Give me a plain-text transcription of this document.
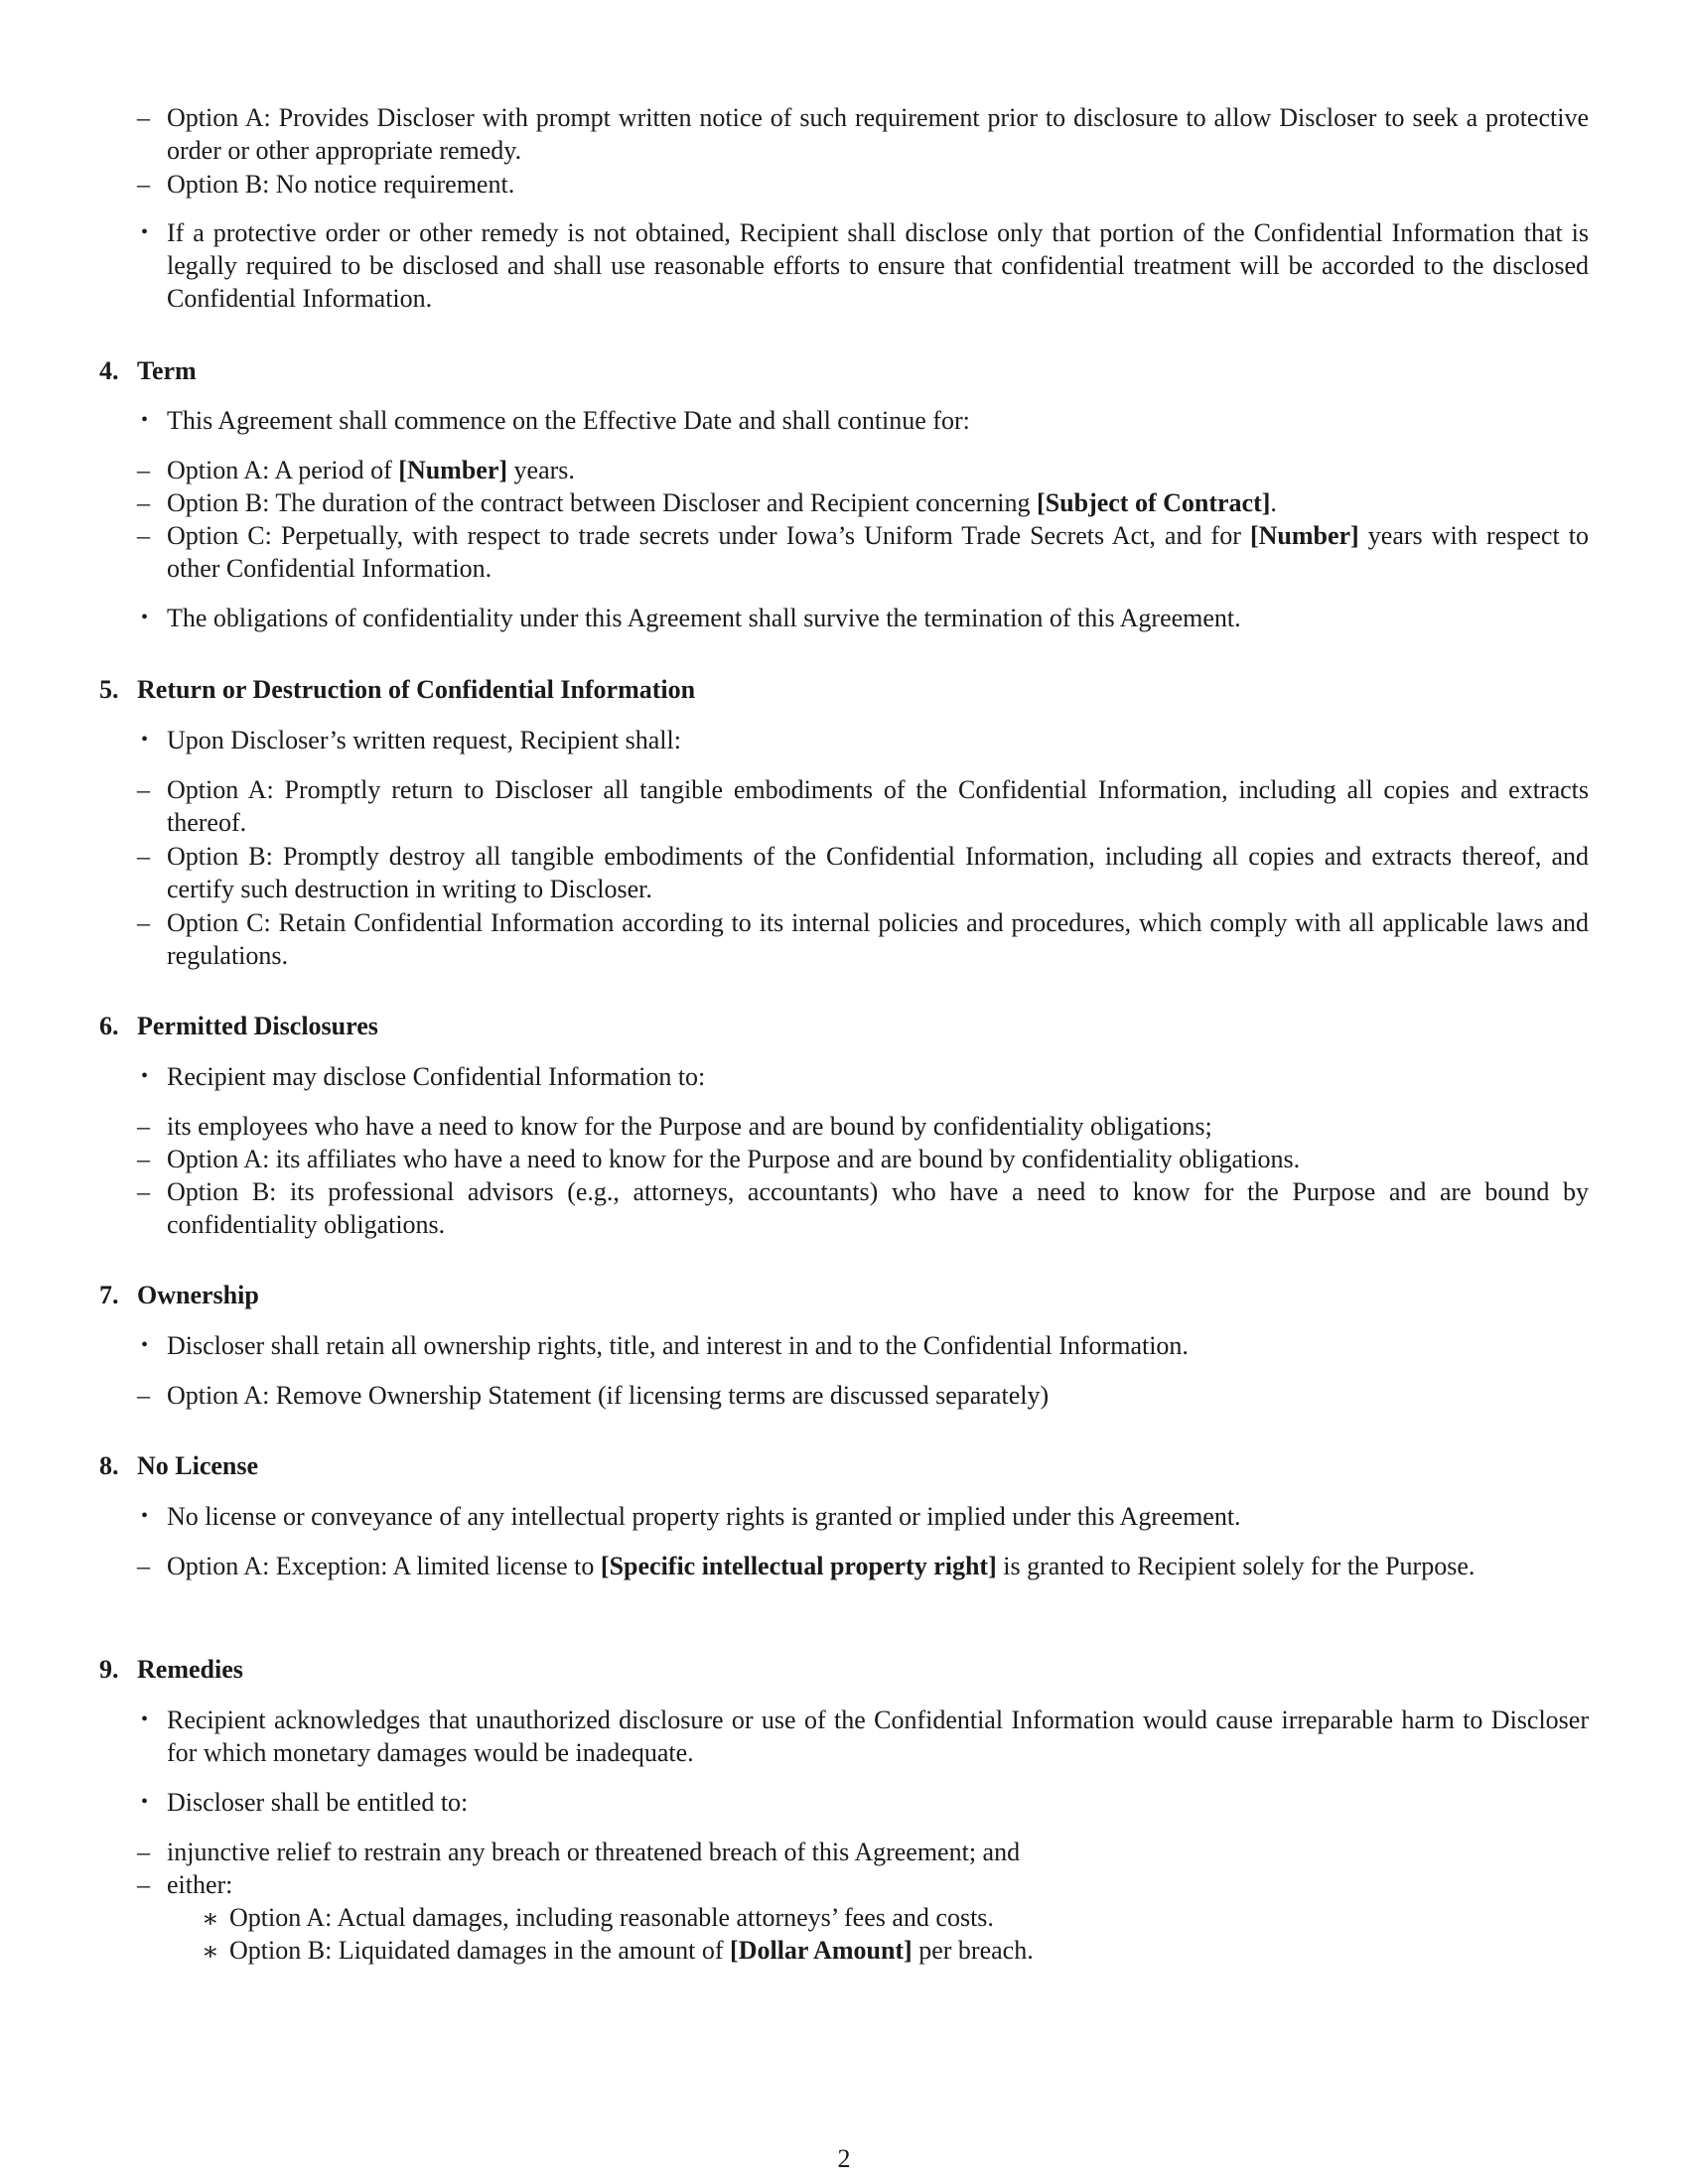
– Option A: Provides Discloser with prompt written notice of such requirement prior to disclosure to allow Discloser to seek a protective order or other appropriate remedy.
– Option B: No notice requirement.
• If a protective order or other remedy is not obtained, Recipient shall disclose only that portion of the Confidential Information that is legally required to be disclosed and shall use reasonable efforts to ensure that confidential treatment will be accorded to the disclosed Confidential Information.
4. Term
• This Agreement shall commence on the Effective Date and shall continue for:
– Option A: A period of [Number] years.
– Option B: The duration of the contract between Discloser and Recipient concerning [Subject of Contract].
– Option C: Perpetually, with respect to trade secrets under Iowa’s Uniform Trade Secrets Act, and for [Number] years with respect to other Confidential Information.
• The obligations of confidentiality under this Agreement shall survive the termination of this Agreement.
5. Return or Destruction of Confidential Information
• Upon Discloser’s written request, Recipient shall:
– Option A: Promptly return to Discloser all tangible embodiments of the Confidential Information, including all copies and extracts thereof.
– Option B: Promptly destroy all tangible embodiments of the Confidential Information, including all copies and extracts thereof, and certify such destruction in writing to Discloser.
– Option C: Retain Confidential Information according to its internal policies and procedures, which comply with all applicable laws and regulations.
6. Permitted Disclosures
• Recipient may disclose Confidential Information to:
– its employees who have a need to know for the Purpose and are bound by confidentiality obligations;
– Option A: its affiliates who have a need to know for the Purpose and are bound by confidentiality obligations.
– Option B: its professional advisors (e.g., attorneys, accountants) who have a need to know for the Purpose and are bound by confidentiality obligations.
7. Ownership
• Discloser shall retain all ownership rights, title, and interest in and to the Confidential Information.
– Option A: Remove Ownership Statement (if licensing terms are discussed separately)
8. No License
• No license or conveyance of any intellectual property rights is granted or implied under this Agreement.
– Option A: Exception: A limited license to [Specific intellectual property right] is granted to Recipient solely for the Purpose.
9. Remedies
• Recipient acknowledges that unauthorized disclosure or use of the Confidential Information would cause irreparable harm to Discloser for which monetary damages would be inadequate.
• Discloser shall be entitled to:
– injunctive relief to restrain any breach or threatened breach of this Agreement; and
– either:
∗ Option A: Actual damages, including reasonable attorneys’ fees and costs.
∗ Option B: Liquidated damages in the amount of [Dollar Amount] per breach.
2
